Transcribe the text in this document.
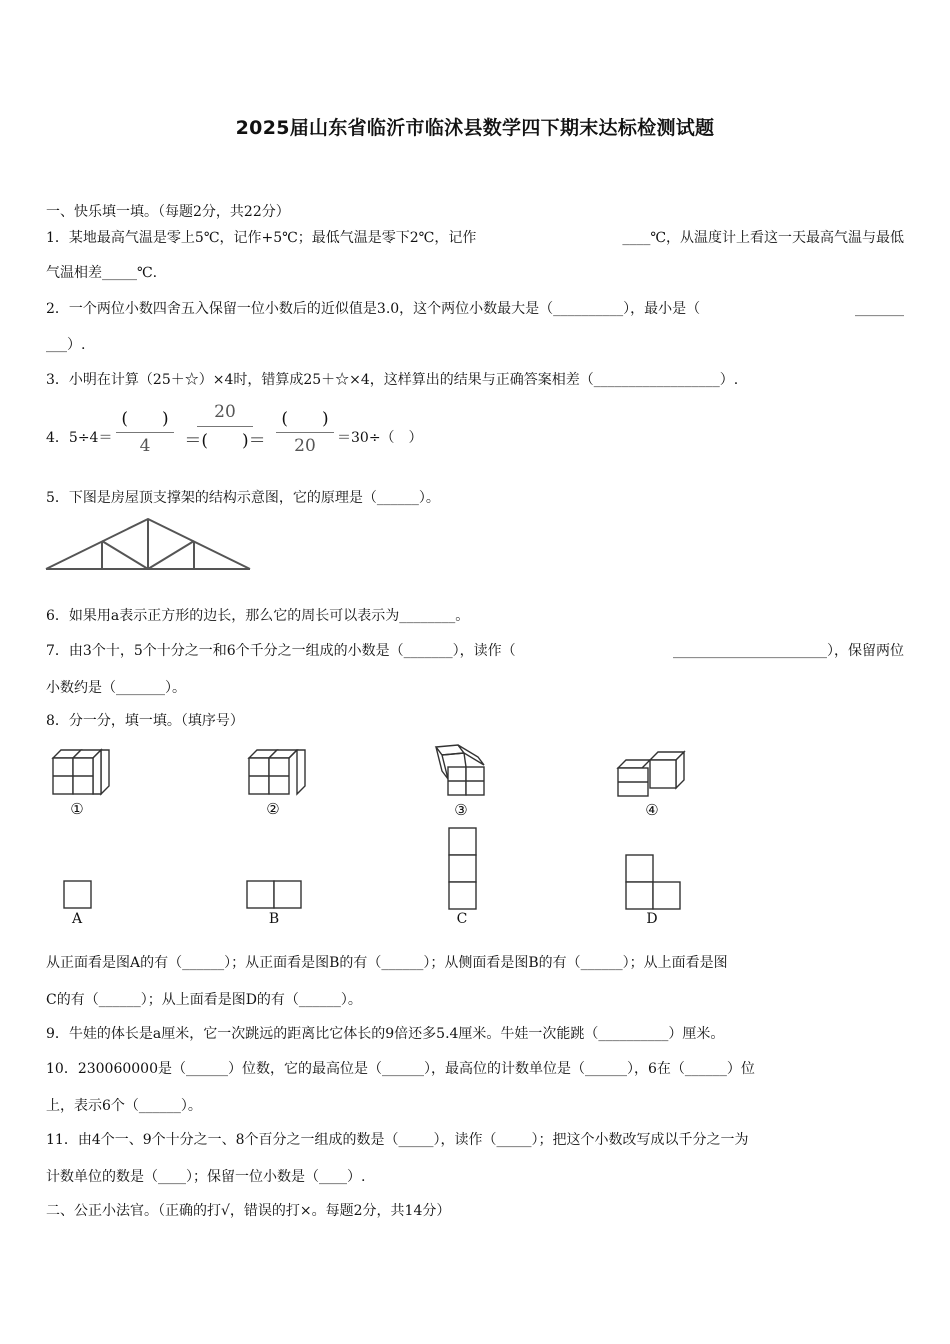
2025届山东省临沂市临沭县数学四下期末达标检测试题
一、快乐填一填。（每题2分，共22分）
1．某地最高气温是零上5℃，记作+5℃；最低气温是零下2℃，记作	____℃，从温度计上看这一天最高气温与最低
气温相差_____℃.
2．一个两位小数四舍五入保留一位小数后的近似值是3.0，这个两位小数最大是（__________），最小是（	_______
___）.
3．小明在计算（25＋☆）×4时，错算成25＋☆×4，这样算出的结果与正确答案相差（__________________）.
4．5÷4＝
(　　)
4	＝(　　)＝
20	(　　)
20	＝30÷（　）
5．下图是房屋顶支撑架的结构示意图，它的原理是（______）。
6．如果用a表示正方形的边长，那么它的周长可以表示为________。
7．由3个十，5个十分之一和6个千分之一组成的小数是（_______），读作（	______________________），保留两位
小数约是（_______）。
8．分一分，填一填。（填序号）
①	②	③	④
A	B	C	D
从正面看是图A的有（______）；从正面看是图B的有（______）；从侧面看是图B的有（______）；从上面看是图
C的有（______）；从上面看是图D的有（______）。
9．牛娃的体长是a厘米，它一次跳远的距离比它体长的9倍还多5.4厘米。牛娃一次能跳（__________）厘米。
10．230060000是（______）位数，它的最高位是（______），最高位的计数单位是（______），6在（______）位
上，表示6个（______）。
11．由4个一、9个十分之一、8个百分之一组成的数是（_____），读作（_____）；把这个小数改写成以千分之一为
计数单位的数是（____）；保留一位小数是（____）.
二、公正小法官。（正确的打√，错误的打×。每题2分，共14分）
